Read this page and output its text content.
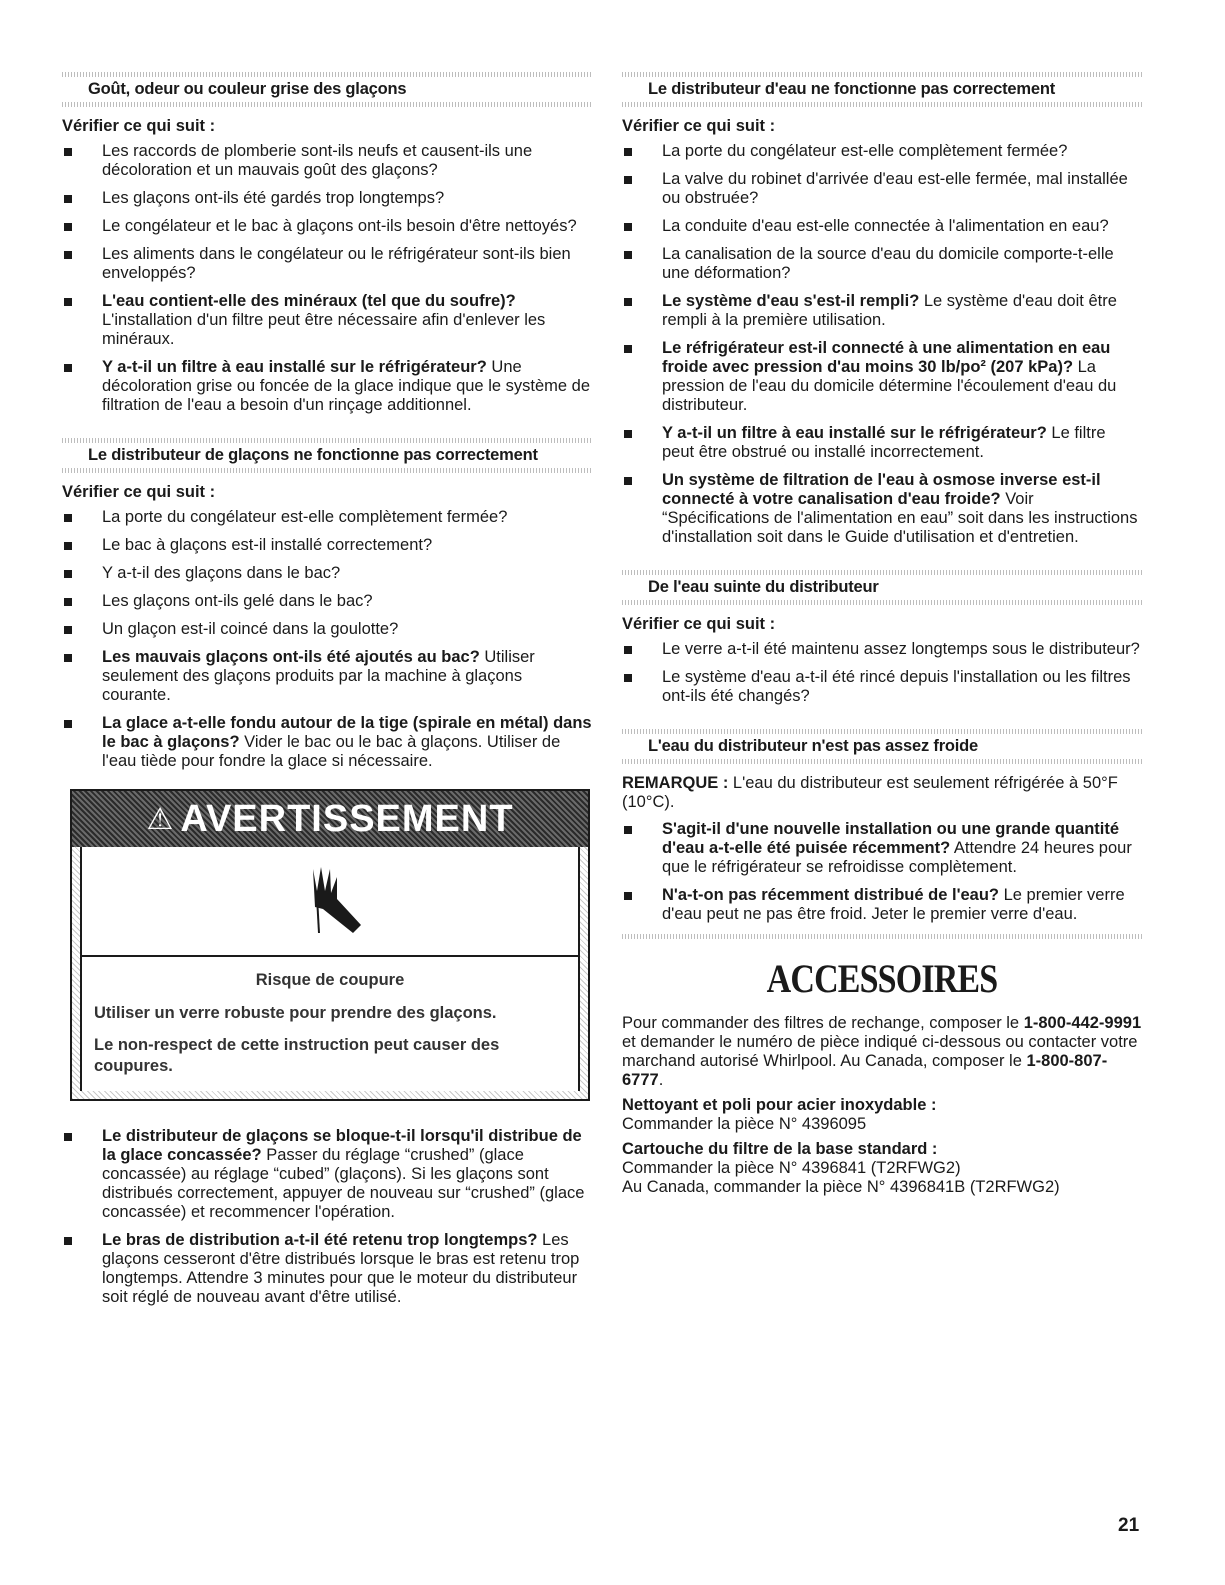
Goût, odeur ou couleur grise des glaçons
Vérifier ce qui suit :
Les raccords de plomberie sont-ils neufs et causent-ils une décoloration et un mauvais goût des glaçons?
Les glaçons ont-ils été gardés trop longtemps?
Le congélateur et le bac à glaçons ont-ils besoin d'être nettoyés?
Les aliments dans le congélateur ou le réfrigérateur sont-ils bien enveloppés?
L'eau contient-elle des minéraux (tel que du soufre)? L'installation d'un filtre peut être nécessaire afin d'enlever les minéraux.
Y a-t-il un filtre à eau installé sur le réfrigérateur? Une décoloration grise ou foncée de la glace indique que le système de filtration de l'eau a besoin d'un rinçage additionnel.
Le distributeur de glaçons ne fonctionne pas correctement
Vérifier ce qui suit :
La porte du congélateur est-elle complètement fermée?
Le bac à glaçons est-il installé correctement?
Y a-t-il des glaçons dans le bac?
Les glaçons ont-ils gelé dans le bac?
Un glaçon est-il coincé dans la goulotte?
Les mauvais glaçons ont-ils été ajoutés au bac? Utiliser seulement des glaçons produits par la machine à glaçons courante.
La glace a-t-elle fondu autour de la tige (spirale en métal) dans le bac à glaçons? Vider le bac ou le bac à glaçons. Utiliser de l'eau tiède pour fondre la glace si nécessaire.
⚠ AVERTISSEMENT
Risque de coupure
Utiliser un verre robuste pour prendre des glaçons.
Le non-respect de cette instruction peut causer des coupures.
Le distributeur de glaçons se bloque-t-il lorsqu'il distribue de la glace concassée? Passer du réglage “crushed” (glace concassée) au réglage “cubed” (glaçons). Si les glaçons sont distribués correctement, appuyer de nouveau sur “crushed” (glace concassée) et recommencer l'opération.
Le bras de distribution a-t-il été retenu trop longtemps? Les glaçons cesseront d'être distribués lorsque le bras est retenu trop longtemps. Attendre 3 minutes pour que le moteur du distributeur soit réglé de nouveau avant d'être utilisé.
Le distributeur d'eau ne fonctionne pas correctement
Vérifier ce qui suit :
La porte du congélateur est-elle complètement fermée?
La valve du robinet d'arrivée d'eau est-elle fermée, mal installée ou obstruée?
La conduite d'eau est-elle connectée à l'alimentation en eau?
La canalisation de la source d'eau du domicile comporte-t-elle une déformation?
Le système d'eau s'est-il rempli? Le système d'eau doit être rempli à la première utilisation.
Le réfrigérateur est-il connecté à une alimentation en eau froide avec pression d'au moins 30 lb/po² (207 kPa)? La pression de l'eau du domicile détermine l'écoulement d'eau du distributeur.
Y a-t-il un filtre à eau installé sur le réfrigérateur? Le filtre peut être obstrué ou installé incorrectement.
Un système de filtration de l'eau à osmose inverse est-il connecté à votre canalisation d'eau froide? Voir “Spécifications de l'alimentation en eau” soit dans les instructions d'installation soit dans le Guide d'utilisation et d'entretien.
De l'eau suinte du distributeur
Vérifier ce qui suit :
Le verre a-t-il été maintenu assez longtemps sous le distributeur?
Le système d'eau a-t-il été rincé depuis l'installation ou les filtres ont-ils été changés?
L'eau du distributeur n'est pas assez froide
REMARQUE : L'eau du distributeur est seulement réfrigérée à 50°F (10°C).
S'agit-il d'une nouvelle installation ou une grande quantité d'eau a-t-elle été puisée récemment? Attendre 24 heures pour que le réfrigérateur se refroidisse complètement.
N'a-t-on pas récemment distribué de l'eau? Le premier verre d'eau peut ne pas être froid. Jeter le premier verre d'eau.
ACCESSOIRES
Pour commander des filtres de rechange, composer le 1-800-442-9991 et demander le numéro de pièce indiqué ci-dessous ou contacter votre marchand autorisé Whirlpool. Au Canada, composer le 1-800-807-6777.
Nettoyant et poli pour acier inoxydable :
Commander la pièce N° 4396095
Cartouche du filtre de la base standard :
Commander la pièce N° 4396841 (T2RFWG2)
Au Canada, commander la pièce N° 4396841B (T2RFWG2)
21
